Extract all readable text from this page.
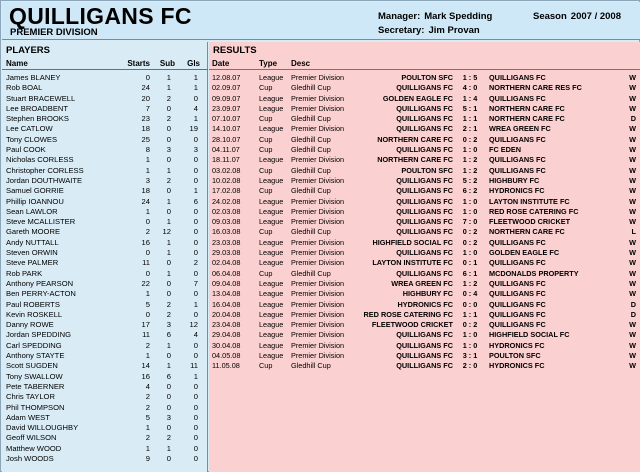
QUILLIGANS FC
PREMIER DIVISION
Manager: Mark Spedding
Secretary: Jim Provan
Season 2007 / 2008
PLAYERS
Name	Starts Sub Gls
James BLANEY	0 1	1
Rob BOAL	24 1	1
Stuart BRACEWELL	20 2	0
Lee BROADBENT	7 0	4
Stephen BROOKS	23 2	1
Lee CATLOW	18 0 19
Tony CLOWES	25 0	0
Paul COOK	8 3	3
Nicholas CORLESS	1 0	0
Christopher CORLESS	1 1	0
Jordan DOUTHWAITE	3 2	0
Samuel GORRIE	18 0	1
Phillip IOANNOU	24 1	6
Sean LAWLOR	1 0	0
Steve MCALLISTER	0 1	0
Gareth MOORE	2 12	0
Andy NUTTALL	16 1	0
Steven ORWIN	0 1	0
Steve PALMER	11 0	2
Rob PARK	0 1	0
Anthony PEARSON	22 0	7
Ben PERRY-ACTON	1 0	0
Paul ROBERTS	5 2	1
Kevin ROSKELL	0 2	0
Danny ROWE	17 3 12
Jordan SPEDDING	11 6	4
Carl SPEDDING	2 1	0
Anthony STAYTE	1 0	0
Scott SUGDEN	14 1	11
Tony SWALLOW	16 6	1
Pete TABERNER	4 0	0
Chris TAYLOR	2 0	0
Phil THOMPSON	2 0	0
Adam WEST	5 3	0
David WILLOUGHBY	1 0	0
Geoff WILSON	2 2	0
Matthew WOOD	1 1	0
Josh WOODS	9 0	0
RESULTS
Date	Type Desc
12.08.07	League Premier Division	POULTON SFC	1 : 5	QUILLIGANS FC	W
02.09.07	Cup	Gledhill Cup	QUILLIGANS FC	4 : 0	NORTHERN CARE RES FC	W
09.09.07	League Premier Division	GOLDEN EAGLE FC	1 : 4	QUILLIGANS FC	W
23.09.07	League Premier Division	QUILLIGANS FC	5 : 1	NORTHERN CARE FC	W
07.10.07	Cup	Gledhill Cup	QUILLIGANS FC	1 : 1	NORTHERN CARE FC	D
14.10.07	League Premier Division	QUILLIGANS FC	2 : 1	WREA GREEN FC	W
28.10.07	Cup	Gledhill Cup	NORTHERN CARE FC	0 : 2	QUILLIGANS FC	W
04.11.07	Cup	Gledhill Cup	QUILLIGANS FC	1 : 0	FC EDEN	W
18.11.07	League Premier Division	NORTHERN CARE FC	1 : 2	QUILLIGANS FC	W
03.02.08	Cup	Gledhill Cup	POULTON SFC	1 : 2	QUILLIGANS FC	W
10.02.08	League Premier Division	QUILLIGANS FC	5 : 2	HIGHBURY FC	W
17.02.08	Cup	Gledhill Cup	QUILLIGANS FC	6 : 2	HYDRONICS FC	W
24.02.08	League Premier Division	QUILLIGANS FC	1 : 0	LAYTON INSTITUTE FC	W
02.03.08	League Premier Division	QUILLIGANS FC	1 : 0	RED ROSE CATERING FC	W
09.03.08	League Premier Division	QUILLIGANS FC	7 : 0	FLEETWOOD CRICKET	W
16.03.08	Cup	Gledhill Cup	QUILLIGANS FC	0 : 2	NORTHERN CARE FC	L
23.03.08	League Premier Division	HIGHFIELD SOCIAL FC	0 : 2	QUILLIGANS FC	W
29.03.08	League Premier Division	QUILLIGANS FC	1 : 0	GOLDEN EAGLE FC	W
02.04.08	League Premier Division	LAYTON INSTITUTE FC	0 : 1	QUILLIGANS FC	W
06.04.08	Cup	Gledhill Cup	QUILLIGANS FC	6 : 1	MCDONALDS PROPERTY	W
09.04.08	League Premier Division	WREA GREEN FC	1 : 2	QUILLIGANS FC	W
13.04.08	League Premier Division	HIGHBURY FC	0 : 4	QUILLIGANS FC	W
16.04.08	League Premier Division	HYDRONICS FC	0 : 0	QUILLIGANS FC	D
20.04.08	League Premier Division	RED ROSE CATERING FC	1 : 1	QUILLIGANS FC	D
23.04.08	League Premier Division	FLEETWOOD CRICKET	0 : 2	QUILLIGANS FC	W
29.04.08	League Premier Division	QUILLIGANS FC	1 : 0	HIGHFIELD SOCIAL FC	W
30.04.08	League Premier Division	QUILLIGANS FC	1 : 0	HYDRONICS FC	W
04.05.08	League Premier Division	QUILLIGANS FC	3 : 1	POULTON SFC	W
11.05.08	Cup	Gledhill Cup	QUILLIGANS FC	2 : 0	HYDRONICS FC	W
